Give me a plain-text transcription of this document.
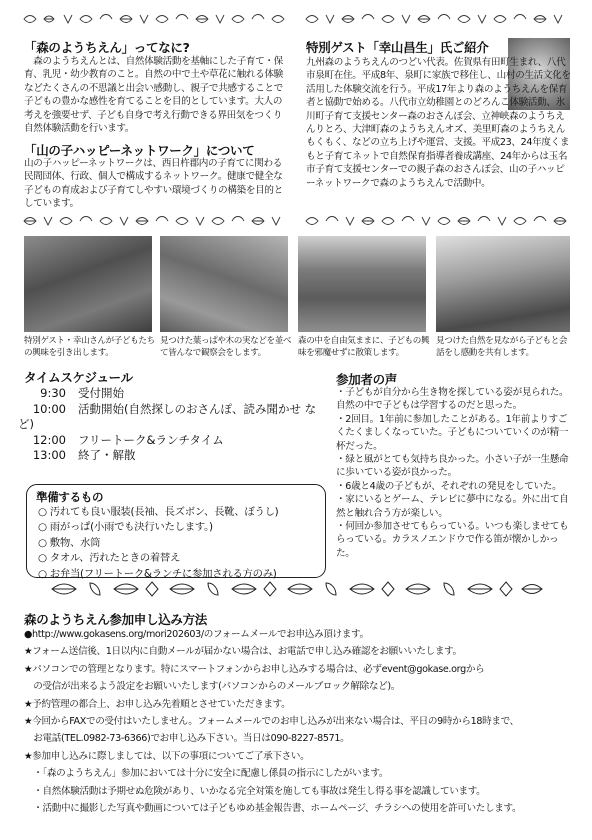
「森のようちえん」ってなに?
　森のようちえんとは、自然体験活動を基軸にした子育て・保育、乳児・幼少教育のこと。自然の中で土や草花に触れる体験などたくさんの不思議と出会い感動し、親子で共感することで子どもの豊かな感性を育てることを目的としています。大人の考えを強要せず、子ども自身で考え行動できる界田気をつくり自然体験活動を行います。
「山の子ハッピーネットワーク」について
山の子ハッピーネットワークは、西日杵郡内の子育てに関わる民間団体、行政、個人で構成するネットワーク。健康で健全な子どもの育成および子育てしやすい環境づくりの構築を目的としています。
特別ゲスト「幸山昌生」氏ご紹介
九州森のようちえんのつどい代表。佐賀県有田町生まれ、八代市泉町在住。平成8年、泉町に家族で移住し、山村の生活文化を活用した体験交流を行う。平成17年より森のようちえんを保育者と協動で始める。八代市立幼稚園とのどろんこ体験活動、氷川町子育て支援センター森のおさんぽ会、立神峡森のようちえんりとろ、大津町森のようちえんオズ、美里町森のようちえんもくもく、などの立ち上げや運営、支援。平成23、24年度くまもと子育てネットで自然保育指導者養成講座、24年からは玉名市子育て支援センターでの親子森のおさんぽ会、山の子ハッピーネットワークで森のようちえんで活動中。
特別ゲスト・幸山さんが子どもたちの興味を引き出します。
見つけた葉っぱや木の実などを並べて皆んなで観察会をします。
森の中を自由気ままに、子どもの興味を邪魔せずに散策します。
見つけた自然を見ながら子どもと会話をし感動を共有します。
タイムスケジュール
9:30 受付開始
10:00 活動開始(自然探しのおさんぽ、読み聞かせ など)
12:00 フリートーク&ランチタイム
13:00 終了・解散
準備するもの
○ 汚れても良い服装(長袖、長ズボン、長靴、ぼうし)
○ 雨がっぱ(小雨でも決行いたします。)
○ 敷物、水筒
○ タオル、汚れたときの着替え
○ お弁当(フリートーク&ランチに参加される方のみ)
参加者の声
・子どもが自分から生き物を探している姿が見られた。自然の中で子どもは学習するのだと思った。
・2回目。1年前に参加したことがある。1年前よりすごくたくましくなっていた。子どもについていくのが精一杯だった。
・緑と風がとても気持ち良かった。小さい子が一生懸命に歩いている姿が良かった。
・6歳と4歳の子どもが、それぞれの発見をしていた。
・家にいるとゲーム、テレビに夢中になる。外に出て自然と触れ合う方が楽しい。
・何回か参加させてもらっている。いつも楽しませてもらっている。カラスノエンドウで作る笛が懐かしかった。
森のようちえん参加申し込み方法
●http://www.gokasens.org/mori202603/のフォームメールでお申込み頂けます。
★フォーム送信後、1日以内に自動メールが届かない場合は、お電話で申し込み確認をお願いいたします。
★パソコンでの管理となります。特にスマートフォンからお申し込みする場合は、必ずevent@gokase.orgから
　の受信が出来るよう設定をお願いいたします(パソコンからのメールブロック解除など)。
★予約管理の都合上、お申し込み先着順とさせていただきます。
★今回からFAXでの受付はいたしません。フォームメールでのお申し込みが出来ない場合は、平日の9時から18時まで、
　お電話(TEL.0982-73-6366)でお申し込み下さい。当日は090-8227-8571。
★参加申し込みに際しましては、以下の事項についてご了承下さい。
　・「森のようちえん」参加においては十分に安全に配慮し係員の指示にしたがいます。
　・自然体験活動は予期せぬ危険があり、いかなる完全対策を施しても事故は発生し得る事を認識しています。
　・活動中に撮影した写真や動画については子どもゆめ基金報告書、ホームページ、チラシへの使用を許可いたします。
